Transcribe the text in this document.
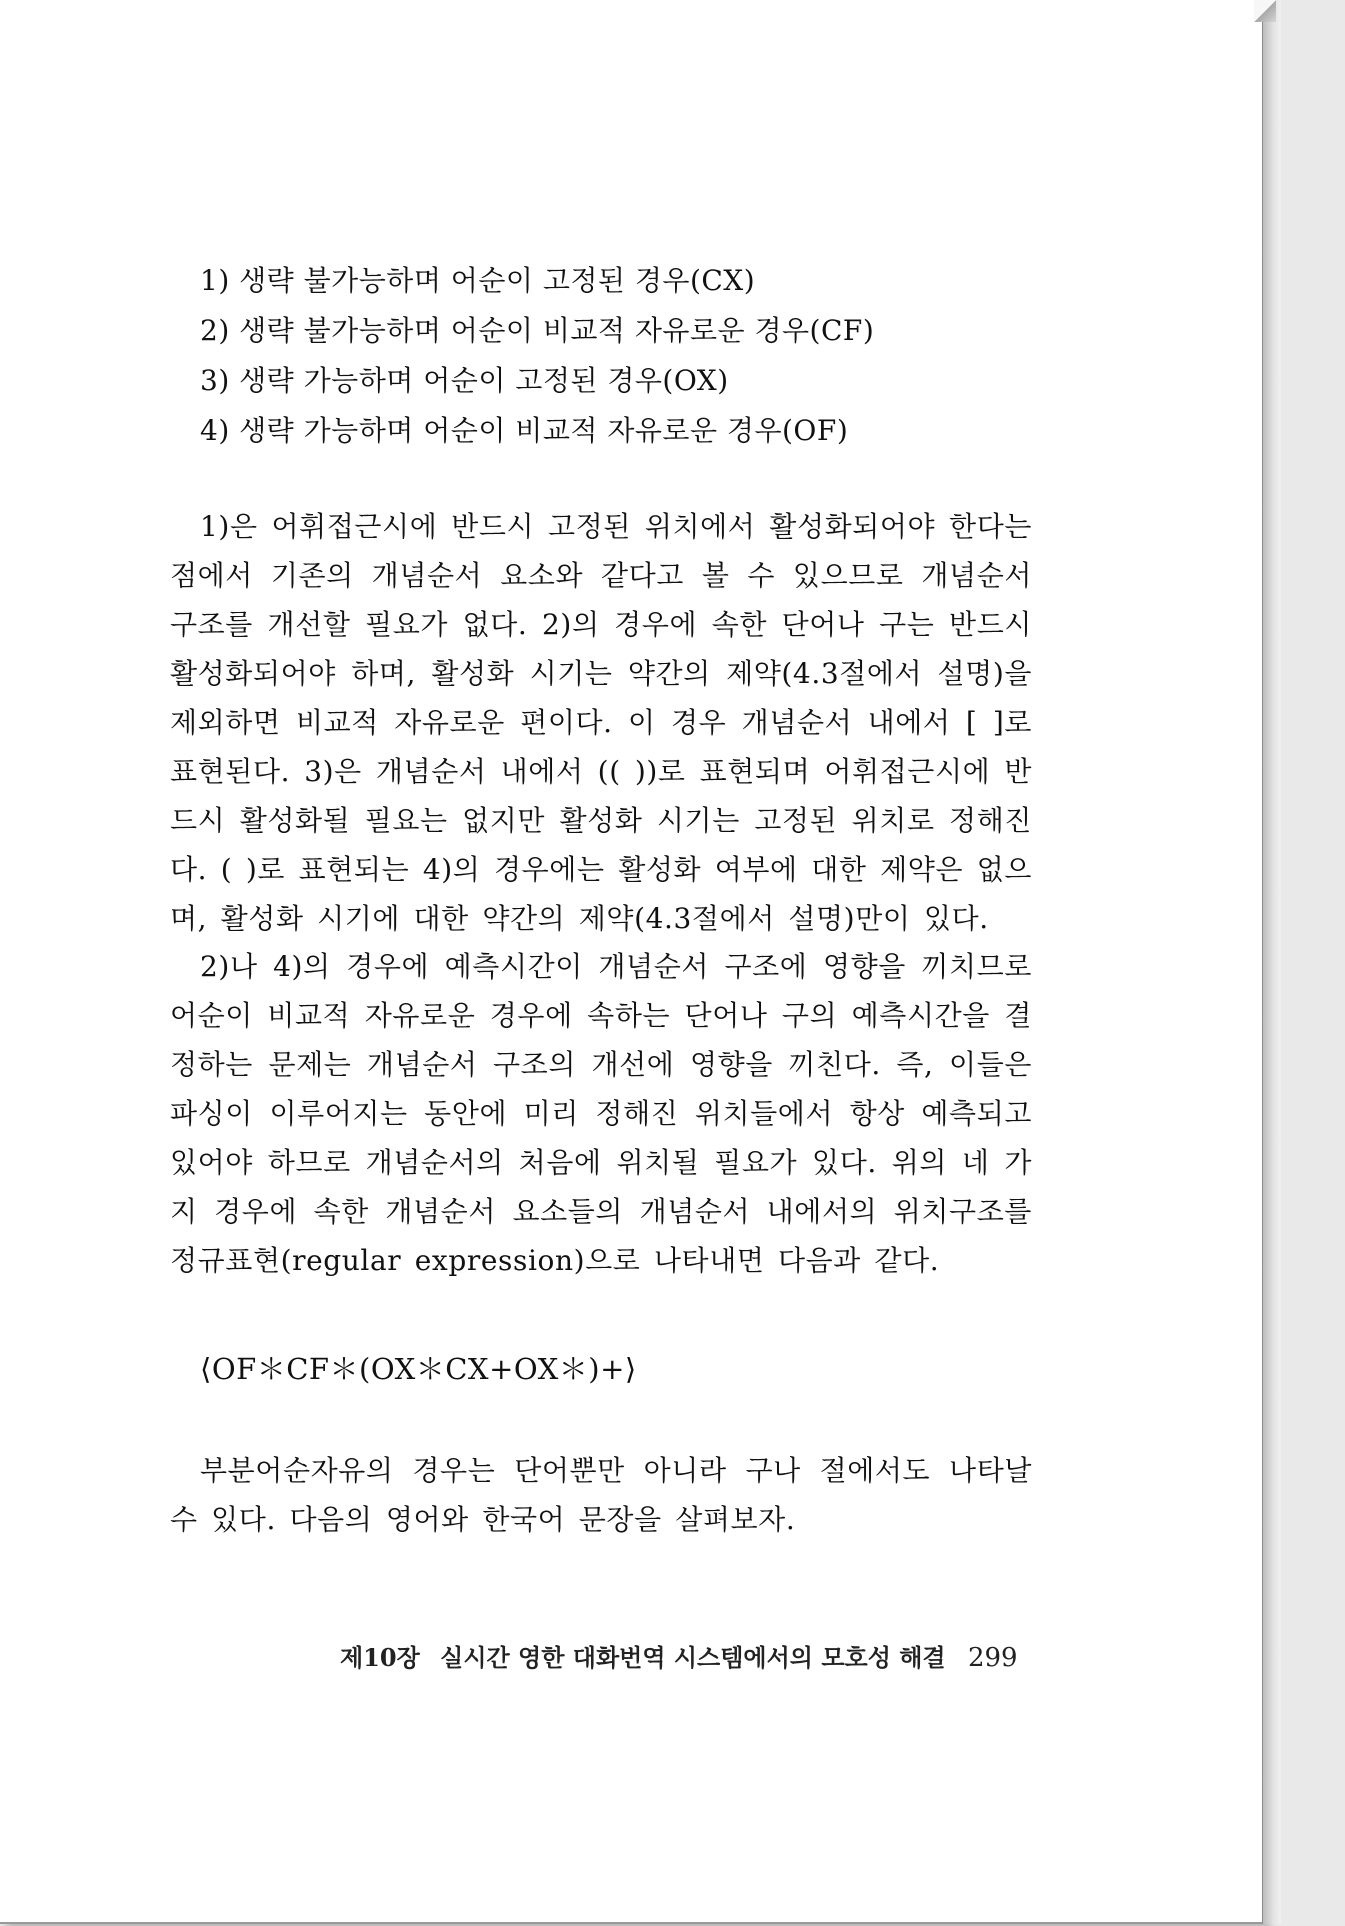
1) 생략 불가능하며 어순이 고정된 경우(CX)
2) 생략 불가능하며 어순이 비교적 자유로운 경우(CF)
3) 생략 가능하며 어순이 고정된 경우(OX)
4) 생략 가능하며 어순이 비교적 자유로운 경우(OF)

1)은 어휘접근시에 반드시 고정된 위치에서 활성화되어야 한다는 점에서 기존의 개념순서 요소와 같다고 볼 수 있으므로 개념순서 구조를 개선할 필요가 없다. 2)의 경우에 속한 단어나 구는 반드시 활성화되어야 하며, 활성화 시기는 약간의 제약(4.3절에서 설명)을 제외하면 비교적 자유로운 편이다. 이 경우 개념순서 내에서 [ ]로 표현된다. 3)은 개념순서 내에서 (( ))로 표현되며 어휘접근시에 반드시 활성화될 필요는 없지만 활성화 시기는 고정된 위치로 정해진다. ( )로 표현되는 4)의 경우에는 활성화 여부에 대한 제약은 없으며, 활성화 시기에 대한 약간의 제약(4.3절에서 설명)만이 있다.

2)나 4)의 경우에 예측시간이 개념순서 구조에 영향을 끼치므로 어순이 비교적 자유로운 경우에 속하는 단어나 구의 예측시간을 결정하는 문제는 개념순서 구조의 개선에 영향을 끼친다. 즉, 이들은 파싱이 이루어지는 동안에 미리 정해진 위치들에서 항상 예측되고 있어야 하므로 개념순서의 처음에 위치될 필요가 있다. 위의 네 가지 경우에 속한 개념순서 요소들의 개념순서 내에서의 위치구조를 정규표현(regular expression)으로 나타내면 다음과 같다.

⟨OF＊CF＊(OX＊CX+OX＊)+⟩

부분어순자유의 경우는 단어뿐만 아니라 구나 절에서도 나타날 수 있다. 다음의 영어와 한국어 문장을 살펴보자.

제10장 실시간 영한 대화번역 시스템에서의 모호성 해결 299
